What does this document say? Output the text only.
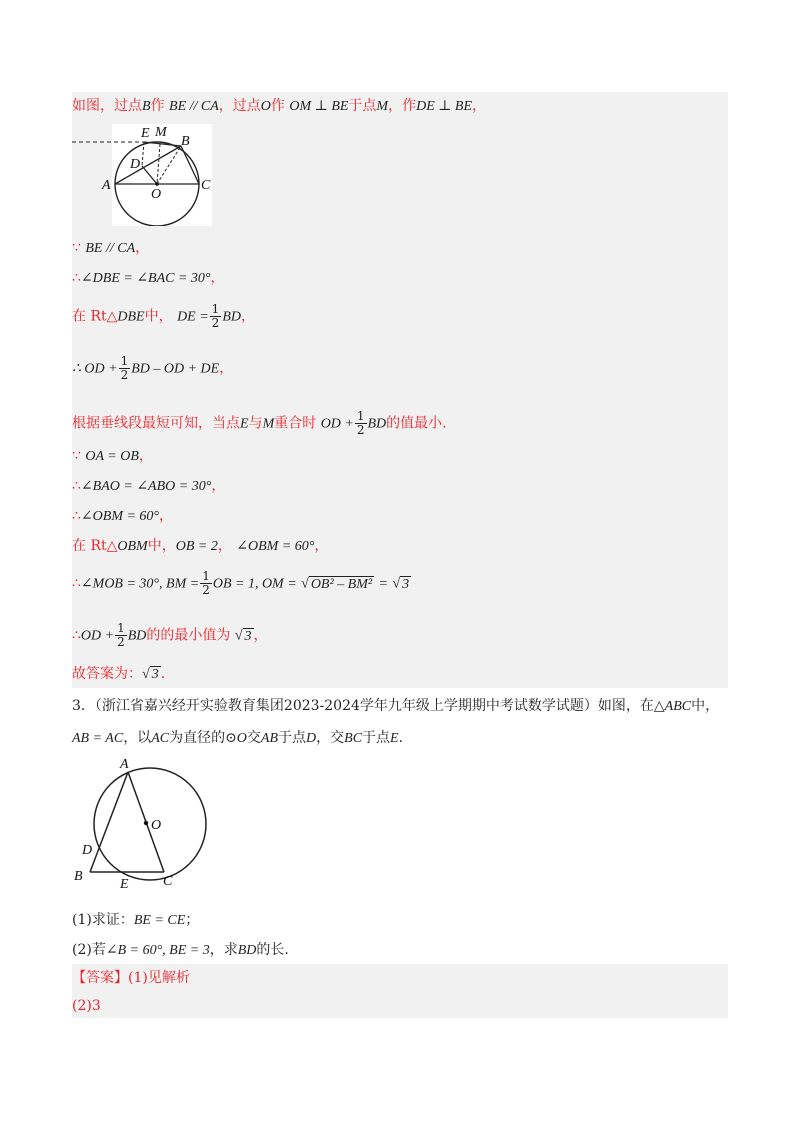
如图，过点B作 BE // CA，过点O作 OM ⊥ BE于点M，作DE ⊥ BE，
A
B
C
D
E M
O
∵ BE // CA，
∴∠DBE = ∠BAC = 30°，
在 Rt△DBE中， DE = $\frac{1}{2}$ BD，
∴ OD + $\frac{1}{2}$ BD – OD + DE，
根据垂线段最短可知，当点E与M重合时 OD + $\frac{1}{2}$ BD的值最小.
∵ OA = OB，
∴∠BAO = ∠ABO = 30°，
∴∠OBM = 60°，
在 Rt△OBM中，OB = 2， ∠OBM = 60°，
∴∠MOB = 30°, BM = $\frac{1}{2}$ OB = 1, OM = √ OB² – BM² = √ 3
∴OD + $\frac{1}{2}$ BD的的最小值为 √ 3 ，
故答案为：√ 3 .
3．（浙江省嘉兴经开实验教育集团2023-2024学年九年级上学期期中考试数学试题）如图，在△ABC中，
AB = AC，以AC为直径的⊙O交AB于点D，交BC于点E.
A
B	C
D
E
O
(1)求证：BE = CE；
(2)若∠B = 60°, BE = 3，求BD的长.
【答案】(1)见解析
(2)3
